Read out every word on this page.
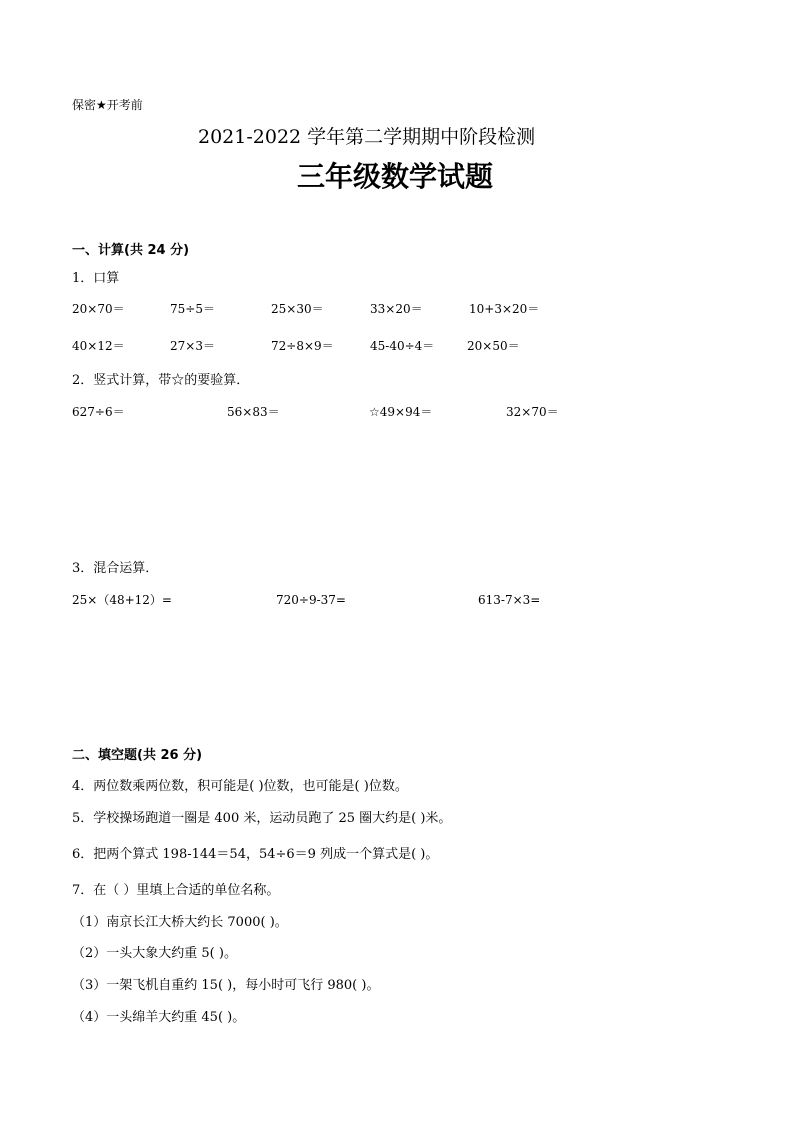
保密★开考前
2021-2022 学年第二学期期中阶段检测
三年级数学试题
一、计算(共 24 分)
1．口算
20×70＝	75÷5＝	25×30＝	33×20＝	10+3×20＝
40×12＝	27×3＝	72÷8×9＝	45-40÷4＝	20×50＝
2．竖式计算，带☆的要验算．
627÷6＝	56×83＝	☆49×94＝	32×70＝
3．混合运算．
25×（48+12）=	720÷9-37=	613-7×3=
二、填空题(共 26 分)
4．两位数乘两位数，积可能是( )位数，也可能是( )位数。
5．学校操场跑道一圈是 400 米，运动员跑了 25 圈大约是( )米。
6．把两个算式 198-144＝54，54÷6＝9 列成一个算式是( )。
7．在（ ）里填上合适的单位名称。
（1）南京长江大桥大约长 7000( )。
（2）一头大象大约重 5( )。
（3）一架飞机自重约 15( )，每小时可飞行 980( )。
（4）一头绵羊大约重 45( )。
